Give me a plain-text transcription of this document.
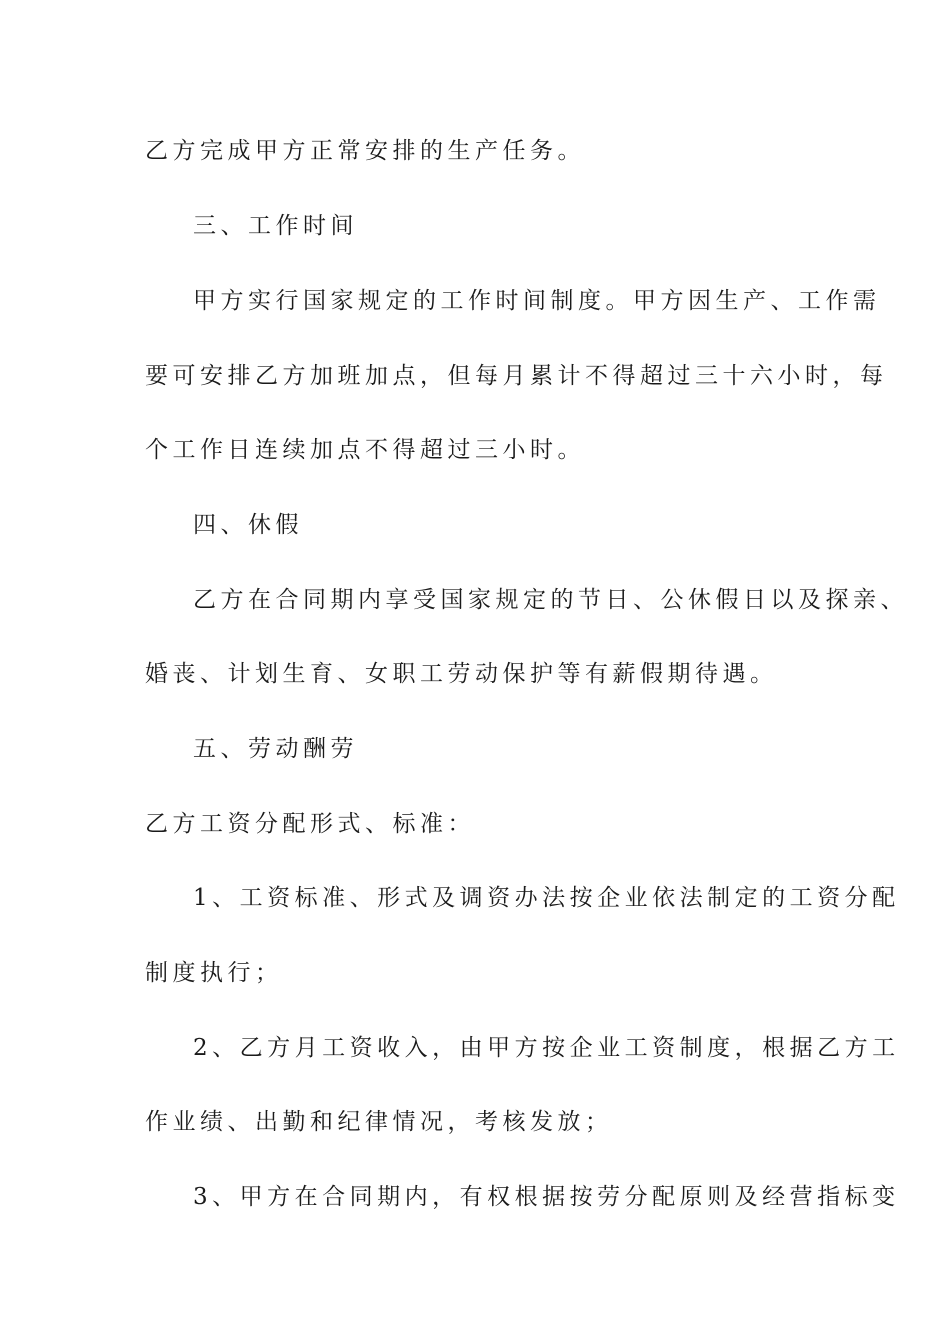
乙方完成甲方正常安排的生产任务。
三、工作时间
甲方实行国家规定的工作时间制度。甲方因生产、工作需
要可安排乙方加班加点，但每月累计不得超过三十六小时，每
个工作日连续加点不得超过三小时。
四、休假
乙方在合同期内享受国家规定的节日、公休假日以及探亲、
婚丧、计划生育、女职工劳动保护等有薪假期待遇。
五、劳动酬劳
乙方工资分配形式、标准：
1、工资标准、形式及调资办法按企业依法制定的工资分配
制度执行；
2、乙方月工资收入，由甲方按企业工资制度，根据乙方工
作业绩、出勤和纪律情况，考核发放；
3、甲方在合同期内，有权根据按劳分配原则及经营指标变
